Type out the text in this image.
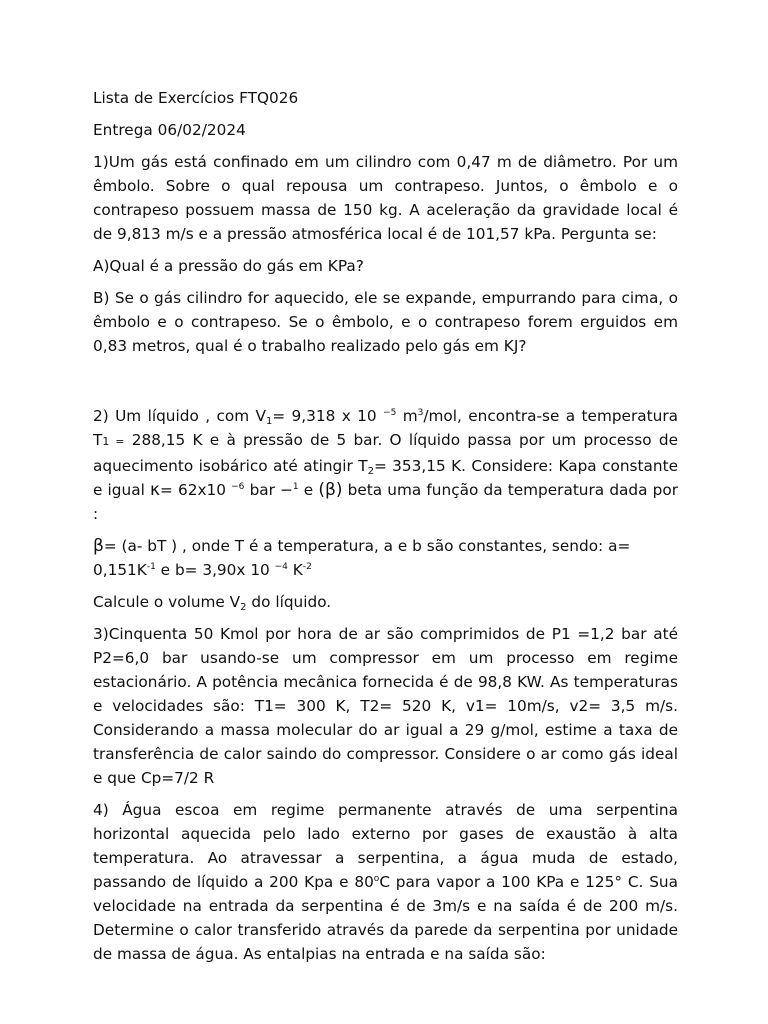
Lista de Exercícios FTQ026

Entrega 06/02/2024

1)Um gás está confinado em um cilindro com 0,47 m de diâmetro. Por um êmbolo. Sobre o qual repousa um contrapeso. Juntos, o êmbolo e o contrapeso possuem massa de 150 kg. A aceleração da gravidade local é de 9,813 m/s e a pressão atmosférica local é de 101,57 kPa. Pergunta se:

A)Qual é a pressão do gás em KPa?

B) Se o gás cilindro for aquecido, ele se expande, empurrando para cima, o êmbolo e o contrapeso. Se o êmbolo, e o contrapeso forem erguidos em 0,83 metros, qual é o trabalho realizado pelo gás em KJ?

2) Um líquido , com $V_1= 9,318$ x 10 $^{-5}$ $m^3$/mol, encontra-se a temperatura T1 = 288,15 K e à pressão de 5 bar. O líquido passa por um processo de aquecimento isobárico até atingir $T_2= 353,15$ K. Considere: Kapa constante e igual κ= 62x10 $^{-6}$ bar −$^1$ e (β) beta uma função da temperatura dada por :

β= (a- bT ) , onde T é a temperatura, a e b são constantes, sendo: $a= 0,151K^{-1}$ e b= 3,90x 10 $^{-4}$ $K^{-2}$

Calcule o volume $V_2$ do líquido.

3)Cinquenta 50 Kmol por hora de ar são comprimidos de P1 =1,2 bar até P2=6,0 bar usando-se um compressor em um processo em regime estacionário. A potência mecânica fornecida é de 98,8 KW. As temperaturas e velocidades são: T1= 300 K, T2= 520 K, v1= 10m/s, v2= 3,5 m/s. Considerando a massa molecular do ar igual a 29 g/mol, estime a taxa de transferência de calor saindo do compressor. Considere o ar como gás ideal e que Cp=7/2 R

4) Água escoa em regime permanente através de uma serpentina horizontal aquecida pelo lado externo por gases de exaustão à alta temperatura. Ao atravessar a serpentina, a água muda de estado, passando de líquido a 200 Kpa e 80$^o$C para vapor a 100 KPa e 125° C. Sua velocidade na entrada da serpentina é de 3m/s e na saída é de 200 m/s. Determine o calor transferido através da parede da serpentina por unidade de massa de água. As entalpias na entrada e na saída são:
